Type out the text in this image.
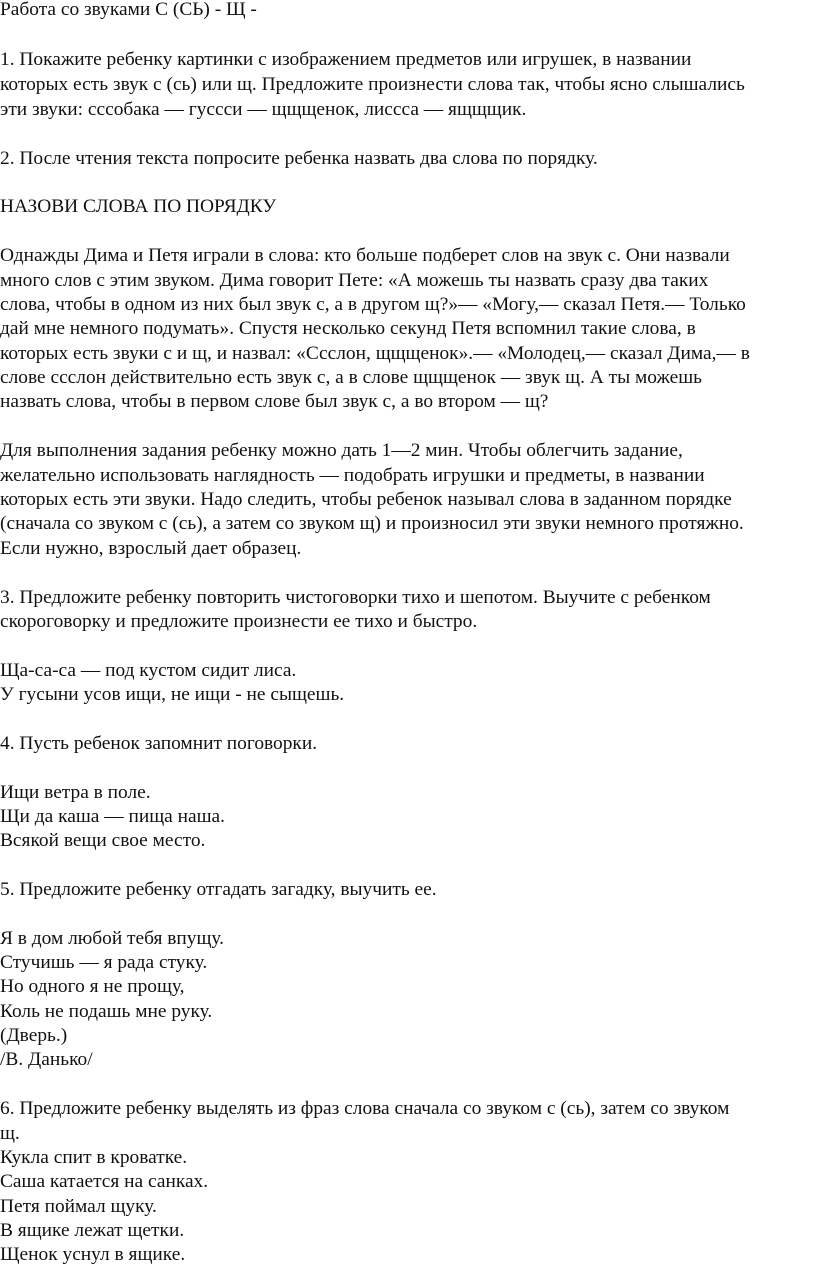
Работа со звуками С (СЬ) - Щ -
1. Покажите ребенку картинки с изображением предметов или игрушек, в названии
которых есть звук с (сь) или щ. Предложите произнести слова так, чтобы ясно слышались
эти звуки: сссобака — гуссси — щщщенок, лиссса — ящщщик.
2. После чтения текста попросите ребенка назвать два слова по порядку.
НАЗОВИ СЛОВА ПО ПОРЯДКУ
Однажды Дима и Петя играли в слова: кто больше подберет слов на звук с. Они назвали
много слов с этим звуком. Дима говорит Пете: «А можешь ты назвать сразу два таких
слова, чтобы в одном из них был звук с, а в другом щ?»— «Могу,— сказал Петя.— Только
дай мне немного подумать». Спустя несколько секунд Петя вспомнил такие слова, в
которых есть звуки с и щ, и назвал: «Ссслон, щщщенок».— «Молодец,— сказал Дима,— в
слове ссслон действительно есть звук с, а в слове щщщенок — звук щ. А ты можешь
назвать слова, чтобы в первом слове был звук с, а во втором — щ?
Для выполнения задания ребенку можно дать 1—2 мин. Чтобы облегчить задание,
желательно использовать наглядность — подобрать игрушки и предметы, в названии
которых есть эти звуки. Надо следить, чтобы ребенок называл слова в заданном порядке
(сначала со звуком с (сь), а затем со звуком щ) и произносил эти звуки немного протяжно.
Если нужно, взрослый дает образец.
3. Предложите ребенку повторить чистоговорки тихо и шепотом. Выучите с ребенком
скороговорку и предложите произнести ее тихо и быстро.
Ща-са-са — под кустом сидит лиса.
У гусыни усов ищи, не ищи - не сыщешь.
4. Пусть ребенок запомнит поговорки.
Ищи ветра в поле.
Щи да каша — пища наша.
Всякой вещи свое место.
5. Предложите ребенку отгадать загадку, выучить ее.
Я в дом любой тебя впущу.
Стучишь — я рада стуку.
Но одного я не прощу,
Коль не подашь мне руку.
(Дверь.)
/В. Данько/
6. Предложите ребенку выделять из фраз слова сначала со звуком с (сь), затем со звуком
щ.
Кукла спит в кроватке.
Саша катается на санках.
Петя поймал щуку.
В ящике лежат щетки.
Щенок уснул в ящике.
